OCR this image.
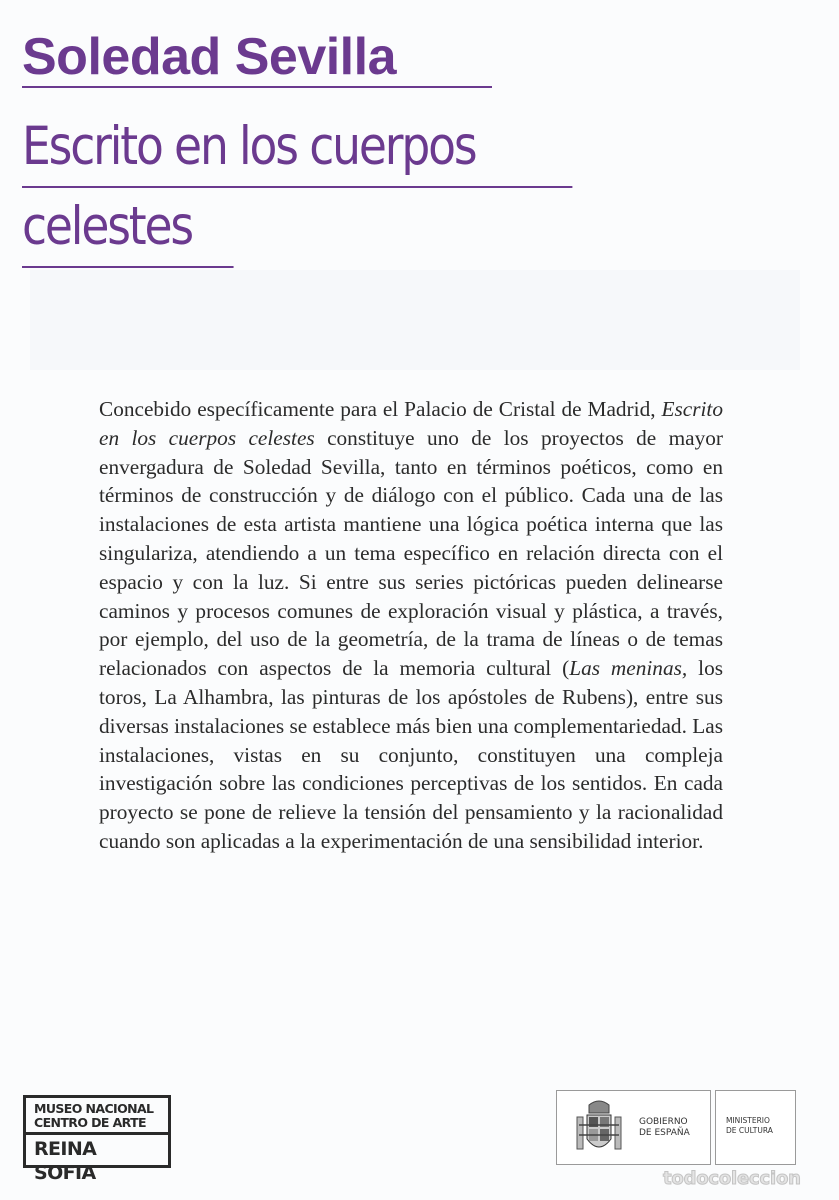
Soledad Sevilla
Escrito en los cuerpos
celestes

Concebido específicamente para el Palacio de Cristal de Madrid, Escrito en los cuerpos celestes constituye uno de los proyectos de mayor envergadura de Soledad Sevilla, tanto en términos poéticos, como en términos de construcción y de diálogo con el público. Cada una de las instalaciones de esta artista mantiene una lógica poética interna que las singulariza, atendiendo a un tema específico en relación directa con el espacio y con la luz. Si entre sus series pictóricas pueden delinearse caminos y procesos comunes de exploración visual y plástica, a través, por ejemplo, del uso de la geometría, de la trama de líneas o de temas relacionados con aspectos de la memoria cultural (Las meninas, los toros, La Alhambra, las pinturas de los apóstoles de Rubens), entre sus diversas instalaciones se establece más bien una complementariedad. Las instalaciones, vistas en su conjunto, constituyen una compleja investigación sobre las condiciones perceptivas de los sentidos. En cada proyecto se pone de relieve la tensión del pensamiento y la racionalidad cuando son aplicadas a la experimentación de una sensibilidad interior.

MUSEO NACIONAL
CENTRO DE ARTE
REINA SOFIA
GOBIERNO
DE ESPAÑA
MINISTERIO
DE CULTURA
todocoleccion
